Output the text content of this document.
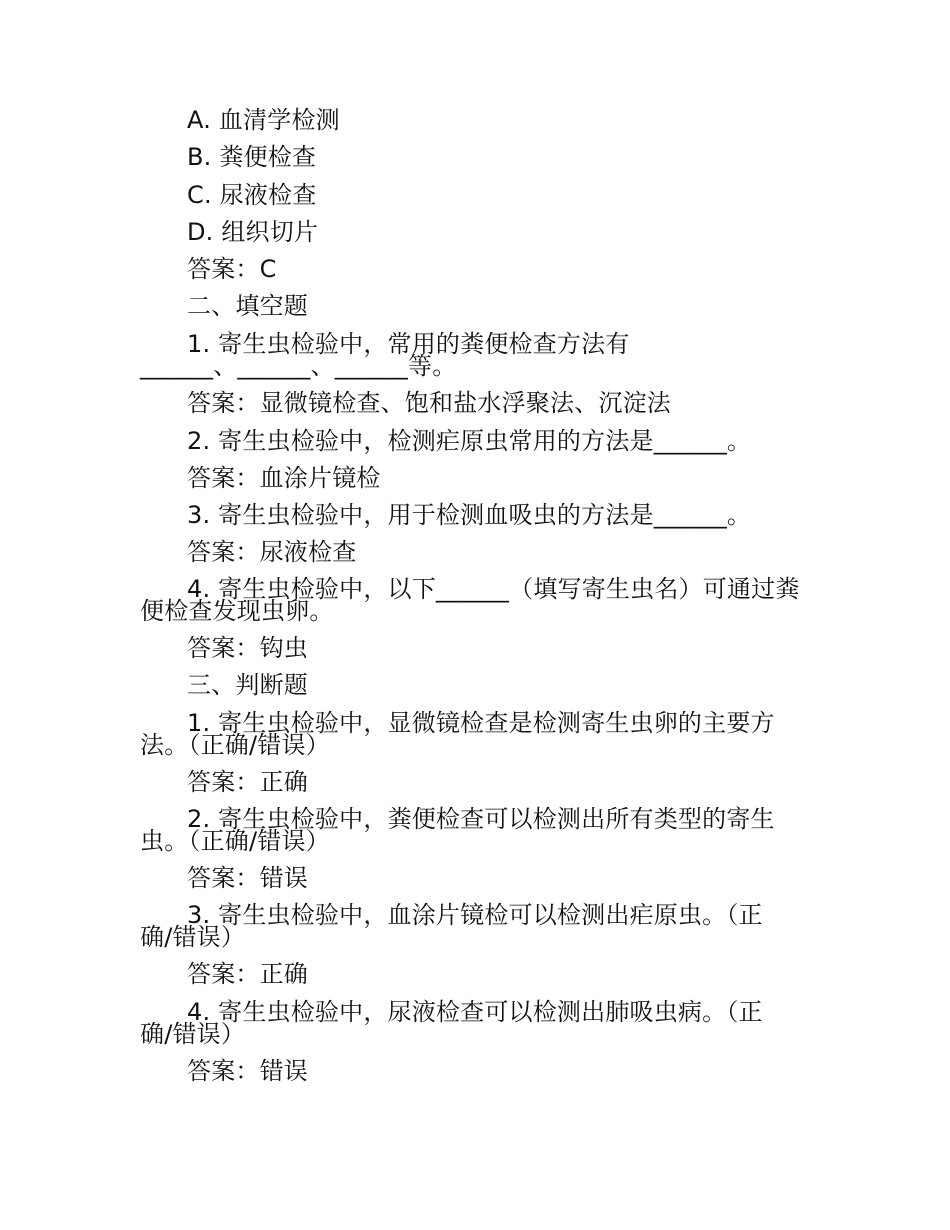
A. 血清学检测
B. 粪便检查
C. 尿液检查
D. 组织切片
答案：C
二、填空题
1. 寄生虫检验中，常用的粪便检查方法有
______、______、______等。
答案：显微镜检查、饱和盐水浮聚法、沉淀法
2. 寄生虫检验中，检测疟原虫常用的方法是______。
答案：血涂片镜检
3. 寄生虫检验中，用于检测血吸虫的方法是______。
答案：尿液检查
4. 寄生虫检验中，以下______（填写寄生虫名）可通过粪
便检查发现虫卵。
答案：钩虫
三、判断题
1. 寄生虫检验中，显微镜检查是检测寄生虫卵的主要方
法。（正确/错误）
答案：正确
2. 寄生虫检验中，粪便检查可以检测出所有类型的寄生
虫。（正确/错误）
答案：错误
3. 寄生虫检验中，血涂片镜检可以检测出疟原虫。（正
确/错误）
答案：正确
4. 寄生虫检验中，尿液检查可以检测出肺吸虫病。（正
确/错误）
答案：错误
